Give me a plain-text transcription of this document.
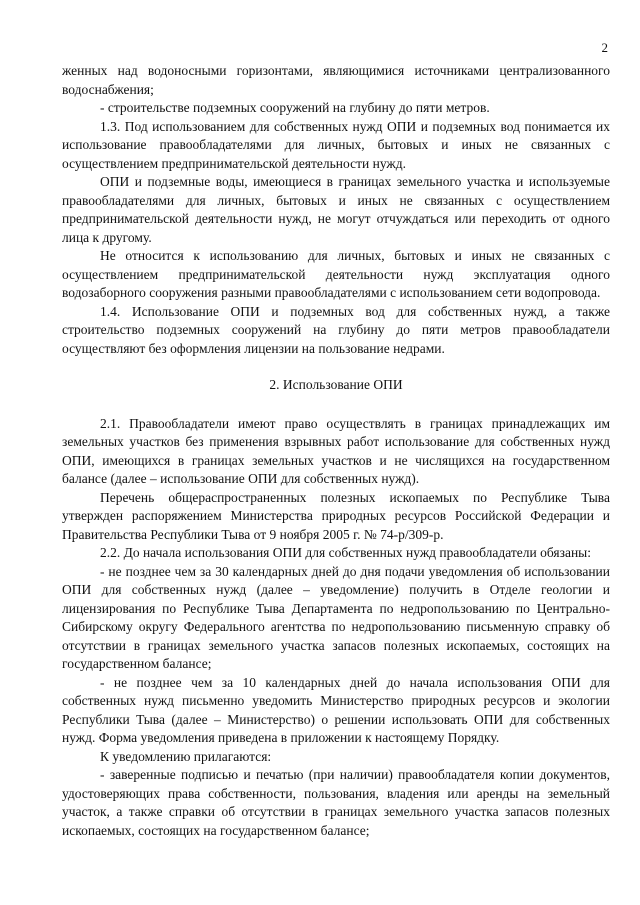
2

женных над водоносными горизонтами, являющимися источниками централизованного водоснабжения;

- строительстве подземных сооружений на глубину до пяти метров.

1.3. Под использованием для собственных нужд ОПИ и подземных вод понимается их использование правообладателями для личных, бытовых и иных не связанных с осуществлением предпринимательской деятельности нужд.

ОПИ и подземные воды, имеющиеся в границах земельного участка и используемые правообладателями для личных, бытовых и иных не связанных с осуществлением предпринимательской деятельности нужд, не могут отчуждаться или переходить от одного лица к другому.

Не относится к использованию для личных, бытовых и иных не связанных с осуществлением предпринимательской деятельности нужд эксплуатация одного водозаборного сооружения разными правообладателями с использованием сети водопровода.

1.4. Использование ОПИ и подземных вод для собственных нужд, а также строительство подземных сооружений на глубину до пяти метров правообладатели осуществляют без оформления лицензии на пользование недрами.

2. Использование ОПИ

2.1. Правообладатели имеют право осуществлять в границах принадлежащих им земельных участков без применения взрывных работ использование для собственных нужд ОПИ, имеющихся в границах земельных участков и не числящихся на государственном балансе (далее – использование ОПИ для собственных нужд).

Перечень общераспространенных полезных ископаемых по Республике Тыва утвержден распоряжением Министерства природных ресурсов Российской Федерации и Правительства Республики Тыва от 9 ноября 2005 г. № 74-р/309-р.

2.2. До начала использования ОПИ для собственных нужд правообладатели обязаны:

- не позднее чем за 30 календарных дней до дня подачи уведомления об использовании ОПИ для собственных нужд (далее – уведомление) получить в Отделе геологии и лицензирования по Республике Тыва Департамента по недропользованию по Центрально-Сибирскому округу Федерального агентства по недропользованию письменную справку об отсутствии в границах земельного участка запасов полезных ископаемых, состоящих на государственном балансе;

- не позднее чем за 10 календарных дней до начала использования ОПИ для собственных нужд письменно уведомить Министерство природных ресурсов и экологии Республики Тыва (далее – Министерство) о решении использовать ОПИ для собственных нужд. Форма уведомления приведена в приложении к настоящему Порядку.

К уведомлению прилагаются:

- заверенные подписью и печатью (при наличии) правообладателя копии документов, удостоверяющих права собственности, пользования, владения или аренды на земельный участок, а также справки об отсутствии в границах земельного участка запасов полезных ископаемых, состоящих на государственном балансе;
